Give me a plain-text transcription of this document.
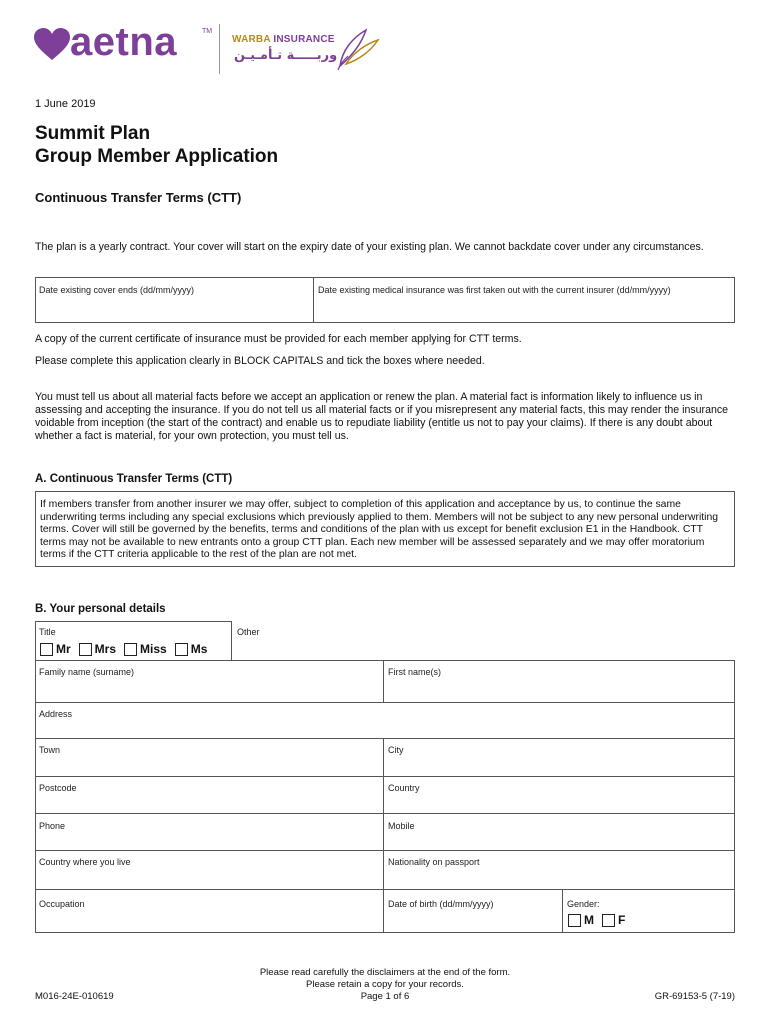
aetna	TM
WARBA INSURANCE
وربـــــة تـأمـيـن
1 June 2019
Summit Plan
Group Member Application
Continuous Transfer Terms (CTT)
The plan is a yearly contract. Your cover will start on the expiry date of your existing plan. We cannot backdate cover under any circumstances.
Date existing cover ends (dd/mm/yyyy)	Date existing medical insurance was first taken out with the current insurer (dd/mm/yyyy)
A copy of the current certificate of insurance must be provided for each member applying for CTT terms.
Please complete this application clearly in BLOCK CAPITALS and tick the boxes where needed.
You must tell us about all material facts before we accept an application or renew the plan. A material fact is information likely to influence us in assessing and accepting the insurance. If you do not tell us all material facts or if you misrepresent any material facts, this may render the insurance voidable from inception (the start of the contract) and enable us to repudiate liability (entitle us not to pay your claims). If there is any doubt about whether a fact is material, for your own protection, you must tell us.
A. Continuous Transfer Terms (CTT)
If members transfer from another insurer we may offer, subject to completion of this application and acceptance by us, to continue the same underwriting terms including any special exclusions which previously applied to them. Members will not be subject to any new personal underwriting terms. Cover will still be governed by the benefits, terms and conditions of the plan with us except for benefit exclusion E1 in the Handbook. CTT terms may not be available to new entrants onto a group CTT plan. Each new member will be assessed separately and we may offer moratorium terms if the CTT criteria applicable to the rest of the plan are not met.
B. Your personal details
Title	Other
Mr Mrs Miss Ms
Family name (surname)	First name(s)
Address
Town	City
Postcode	Country
Phone	Mobile
Country where you live	Nationality on passport
Occupation	Date of birth (dd/mm/yyyy)	Gender:
M F
Please read carefully the disclaimers at the end of the form.
Please retain a copy for your records.
Page 1 of 6
M016-24E-010619	GR-69153-5 (7-19)
